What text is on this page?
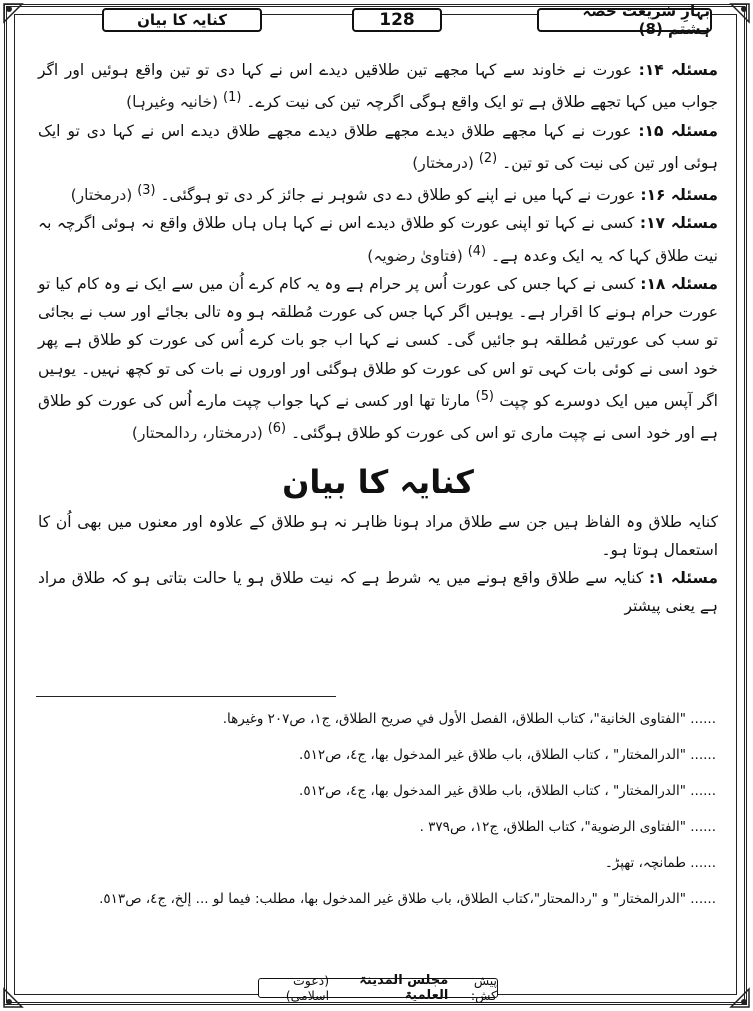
کنایہ کا بیان	128	بہارِ شریعت حصہ ہشتم (8)

مسئلہ ۱۴: عورت نے خاوند سے کہا مجھے تین طلاقیں دیدے اس نے کہا دی تو تین واقع ہوئیں اور اگر جواب میں کہا تجھے طلاق ہے تو ایک واقع ہوگی اگرچہ تین کی نیت کرے۔ $^{(1)}$ (خانیہ وغیرہا)

مسئلہ ۱۵: عورت نے کہا مجھے طلاق دیدے مجھے طلاق دیدے مجھے طلاق دیدے اس نے کہا دی تو ایک ہوئی اور تین کی نیت کی تو تین۔ $^{(2)}$ (درمختار)

مسئلہ ۱۶: عورت نے کہا میں نے اپنے کو طلاق دے دی شوہر نے جائز کر دی تو ہوگئی۔ $^{(3)}$ (درمختار)

مسئلہ ۱۷: کسی نے کہا تو اپنی عورت کو طلاق دیدے اس نے کہا ہاں ہاں طلاق واقع نہ ہوئی اگرچہ بہ نیت طلاق کہا کہ یہ ایک وعدہ ہے۔ $^{(4)}$ (فتاویٰ رضویہ)

مسئلہ ۱۸: کسی نے کہا جس کی عورت اُس پر حرام ہے وہ یہ کام کرے اُن میں سے ایک نے وہ کام کیا تو عورت حرام ہونے کا اقرار ہے۔ یوہیں اگر کہا جس کی عورت مُطلقہ ہو وہ تالی بجائے اور سب نے بجائی تو سب کی عورتیں مُطلقہ ہو جائیں گی۔ کسی نے کہا اب جو بات کرے اُس کی عورت کو طلاق ہے پھر خود اسی نے کوئی بات کہی تو اس کی عورت کو طلاق ہوگئی اور اوروں نے بات کی تو کچھ نہیں۔ یوہیں اگر آپس میں ایک دوسرے کو چپت $^{(5)}$ مارتا تھا اور کسی نے کہا جواب چپت مارے اُس کی عورت کو طلاق ہے اور خود اسی نے چپت ماری تو اس کی عورت کو طلاق ہوگئی۔ $^{(6)}$ (درمختار، ردالمحتار)

کنایہ کا بیان

کنایہ طلاق وہ الفاظ ہیں جن سے طلاق مراد ہونا ظاہر نہ ہو طلاق کے علاوہ اور معنوں میں بھی اُن کا استعمال ہوتا ہو۔

مسئلہ ۱: کنایہ سے طلاق واقع ہونے میں یہ شرط ہے کہ نیت طلاق ہو یا حالت بتاتی ہو کہ طلاق مراد ہے یعنی پیشتر

...... "الفتاوى الخانية"، كتاب الطلاق، الفصل الأول في صريح الطلاق، ج١، ص٢٠٧ وغيرها.

...... "الدرالمختار" ، كتاب الطلاق، باب طلاق غير المدخول بها، ج٤، ص٥١٢.

...... "الدرالمختار" ، كتاب الطلاق، باب طلاق غير المدخول بها، ج٤، ص٥١٢.

...... "الفتاوى الرضوية"، كتاب الطلاق، ج١٢، ص٣٧٩ .

...... طمانچہ، تھپڑ۔

...... "الدرالمختار" و "ردالمحتار"،كتاب الطلاق، باب طلاق غير المدخول بها، مطلب: فيما لو ... إلخ، ج٤، ص٥١٣.

پیش کش:
مجلس المدینۃ العلمیۃ
(دعوت اسلامی)
